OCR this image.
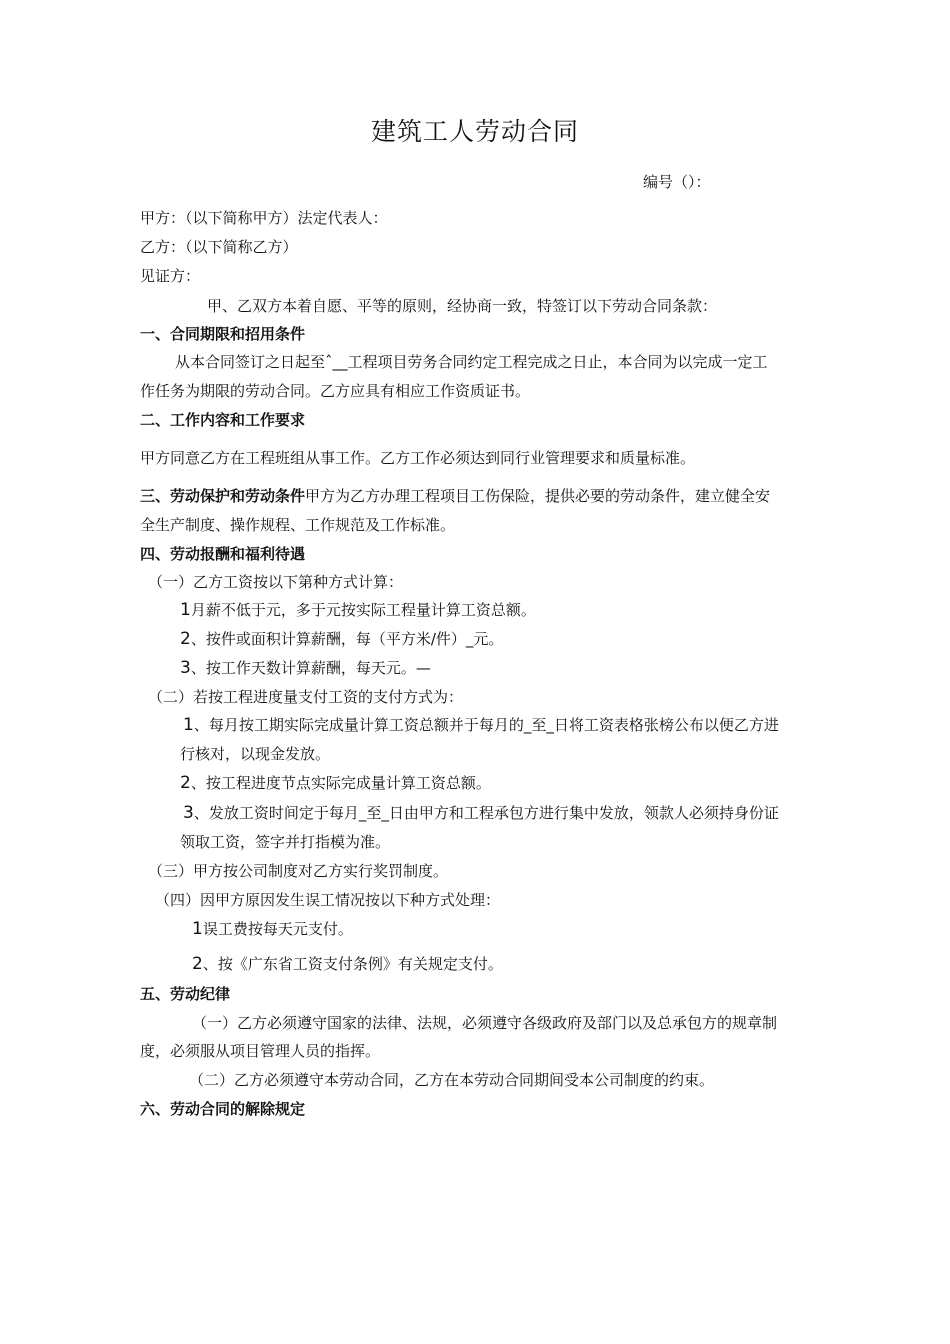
建筑工人劳动合同
编号（）：
甲方：（以下简称甲方）法定代表人：
乙方：（以下简称乙方）
见证方：
甲、乙双方本着自愿、平等的原则，经协商一致，特签订以下劳动合同条款：
一、合同期限和招用条件
从本合同签订之日起至ˆ__工程项目劳务合同约定工程完成之日止，本合同为以完成一定工
作任务为期限的劳动合同。乙方应具有相应工作资质证书。
二、工作内容和工作要求
甲方同意乙方在工程班组从事工作。乙方工作必须达到同行业管理要求和质量标准。
三、劳动保护和劳动条件甲方为乙方办理工程项目工伤保险，提供必要的劳动条件，建立健全安
全生产制度、操作规程、工作规范及工作标准。
四、劳动报酬和福利待遇
（一）乙方工资按以下第种方式计算：
1月薪不低于元，多于元按实际工程量计算工资总额。
2、按件或面积计算薪酬，每（平方米/件）_元。
3、按工作天数计算薪酬，每天元。—
（二）若按工程进度量支付工资的支付方式为：
1、每月按工期实际完成量计算工资总额并于每月的_至_日将工资表格张榜公布以便乙方进
行核对，以现金发放。
2、按工程进度节点实际完成量计算工资总额。
3、发放工资时间定于每月_至_日由甲方和工程承包方进行集中发放，领款人必须持身份证
领取工资，签字并打指模为准。
（三）甲方按公司制度对乙方实行奖罚制度。
（四）因甲方原因发生误工情况按以下种方式处理：
1误工费按每天元支付。
2、按《广东省工资支付条例》有关规定支付。
五、劳动纪律
（一）乙方必须遵守国家的法律、法规，必须遵守各级政府及部门以及总承包方的规章制
度，必须服从项目管理人员的指挥。
（二）乙方必须遵守本劳动合同，乙方在本劳动合同期间受本公司制度的约束。
六、劳动合同的解除规定
